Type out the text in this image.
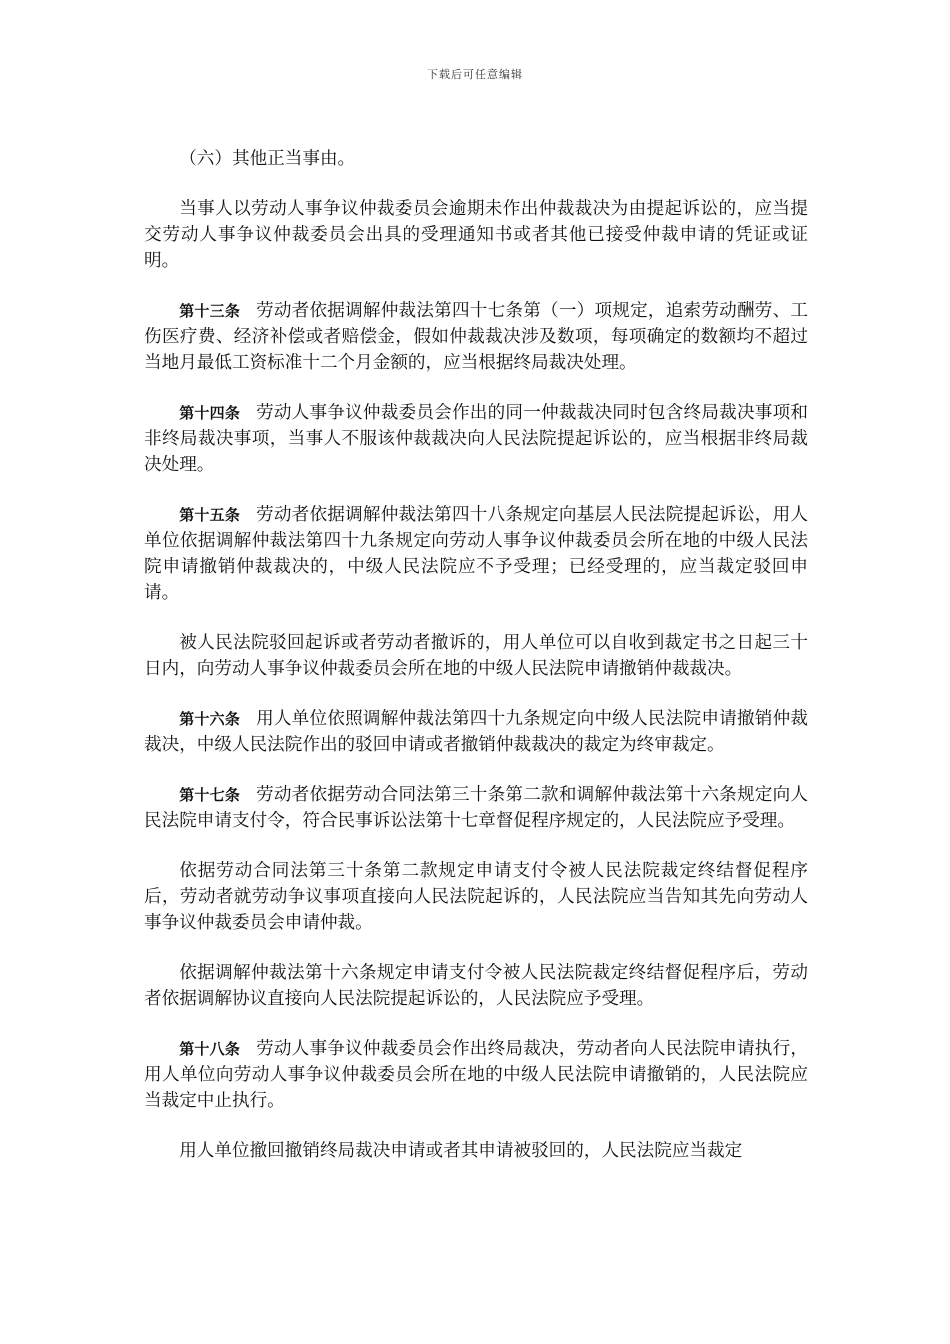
下载后可任意编辑

（六）其他正当事由。

当事人以劳动人事争议仲裁委员会逾期未作出仲裁裁决为由提起诉讼的，应当提交劳动人事争议仲裁委员会出具的受理通知书或者其他已接受仲裁申请的凭证或证明。

第十三条 劳动者依据调解仲裁法第四十七条第（一）项规定，追索劳动酬劳、工伤医疗费、经济补偿或者赔偿金，假如仲裁裁决涉及数项，每项确定的数额均不超过当地月最低工资标准十二个月金额的，应当根据终局裁决处理。

第十四条 劳动人事争议仲裁委员会作出的同一仲裁裁决同时包含终局裁决事项和非终局裁决事项，当事人不服该仲裁裁决向人民法院提起诉讼的，应当根据非终局裁决处理。

第十五条 劳动者依据调解仲裁法第四十八条规定向基层人民法院提起诉讼，用人单位依据调解仲裁法第四十九条规定向劳动人事争议仲裁委员会所在地的中级人民法院申请撤销仲裁裁决的，中级人民法院应不予受理；已经受理的，应当裁定驳回申请。

被人民法院驳回起诉或者劳动者撤诉的，用人单位可以自收到裁定书之日起三十日内，向劳动人事争议仲裁委员会所在地的中级人民法院申请撤销仲裁裁决。

第十六条 用人单位依照调解仲裁法第四十九条规定向中级人民法院申请撤销仲裁裁决，中级人民法院作出的驳回申请或者撤销仲裁裁决的裁定为终审裁定。

第十七条 劳动者依据劳动合同法第三十条第二款和调解仲裁法第十六条规定向人民法院申请支付令，符合民事诉讼法第十七章督促程序规定的，人民法院应予受理。

依据劳动合同法第三十条第二款规定申请支付令被人民法院裁定终结督促程序后，劳动者就劳动争议事项直接向人民法院起诉的，人民法院应当告知其先向劳动人事争议仲裁委员会申请仲裁。

依据调解仲裁法第十六条规定申请支付令被人民法院裁定终结督促程序后，劳动者依据调解协议直接向人民法院提起诉讼的，人民法院应予受理。

第十八条 劳动人事争议仲裁委员会作出终局裁决，劳动者向人民法院申请执行，用人单位向劳动人事争议仲裁委员会所在地的中级人民法院申请撤销的，人民法院应当裁定中止执行。

用人单位撤回撤销终局裁决申请或者其申请被驳回的，人民法院应当裁定
